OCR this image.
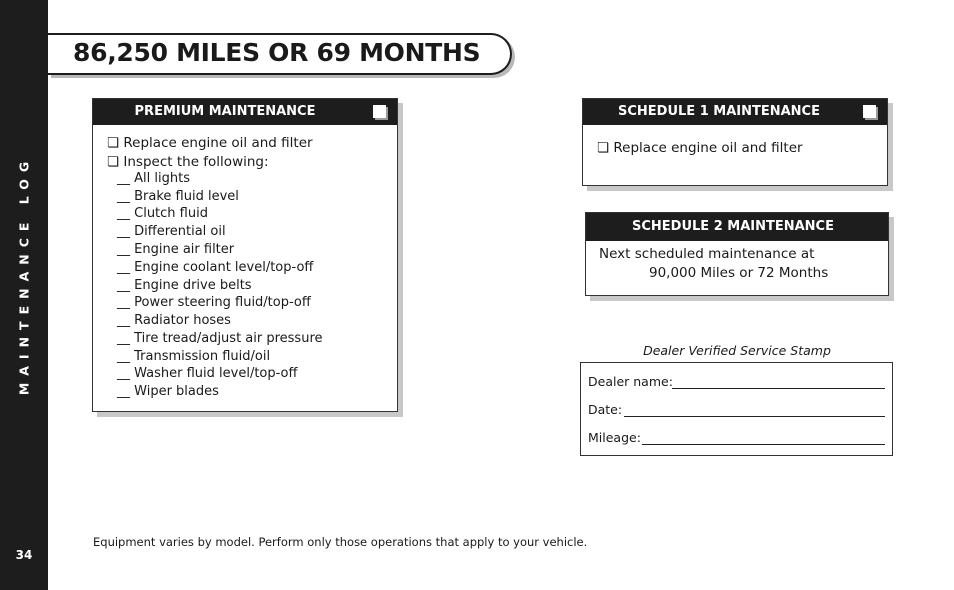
MAINTENANCE LOG
34
86,250 MILES OR 69 MONTHS
PREMIUM MAINTENANCE
❏ Replace engine oil and filter
❏ Inspect the following:
__ All lights
__ Brake fluid level
__ Clutch fluid
__ Differential oil
__ Engine air filter
__ Engine coolant level/top-off
__ Engine drive belts
__ Power steering fluid/top-off
__ Radiator hoses
__ Tire tread/adjust air pressure
__ Transmission fluid/oil
__ Washer fluid level/top-off
__ Wiper blades
SCHEDULE 1 MAINTENANCE
❏ Replace engine oil and filter
SCHEDULE 2 MAINTENANCE
Next scheduled maintenance at
90,000 Miles or 72 Months
Dealer Verified Service Stamp
Dealer name:
Date:
Mileage:
Equipment varies by model. Perform only those operations that apply to your vehicle.
